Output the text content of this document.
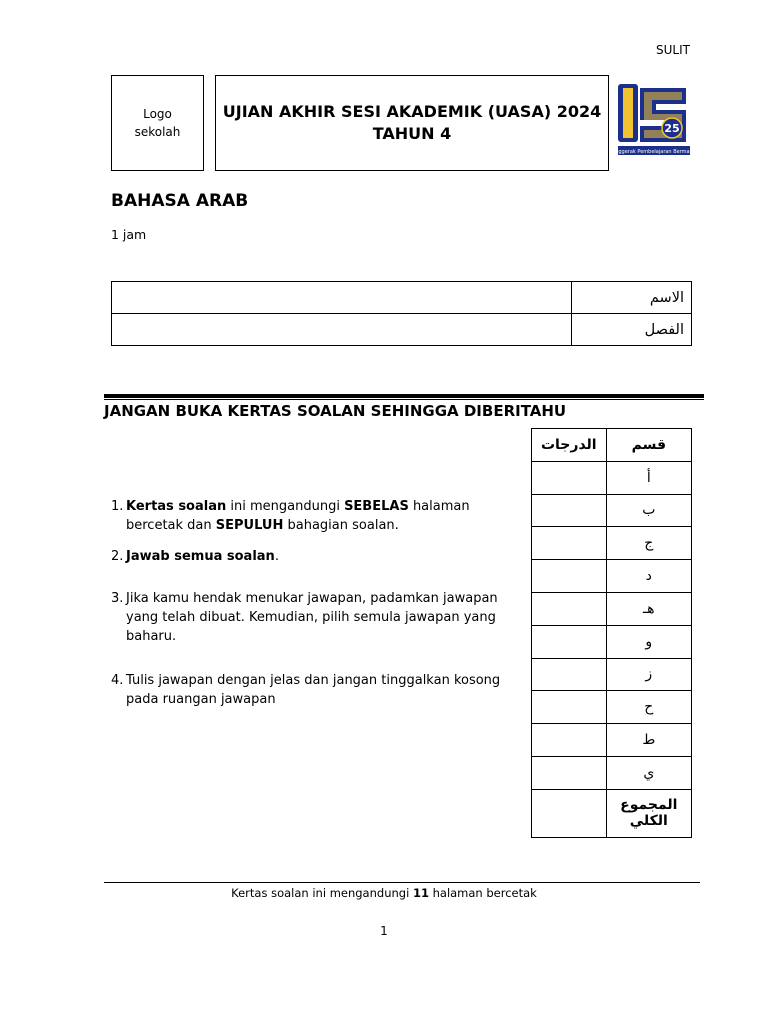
SULIT
Logo
sekolah
UJIAN AKHIR SESI AKADEMIK (UASA) 2024
TAHUN 4	25
Penggerak Pembelajaran Bermakna
BAHASA ARAB
1 jam
	الاسم
	الفصل
JANGAN BUKA KERTAS SOALAN SEHINGGA DIBERITAHU
1. Kertas soalan ini mengandungi SEBELAS halaman bercetak dan SEPULUH bahagian soalan.
2. Jawab semua soalan.
3. Jika kamu hendak menukar jawapan, padamkan jawapan yang telah dibuat. Kemudian, pilih semula jawapan yang baharu.
4. Tulis jawapan dengan jelas dan jangan tinggalkan kosong pada ruangan jawapan
الدرجات	قسم
	أ
	ب
	ج
	د
	هـ
	و
	ز
	ح
	ط
	ي

	المجموع
الكلي
Kertas soalan ini mengandungi 11 halaman bercetak
1
